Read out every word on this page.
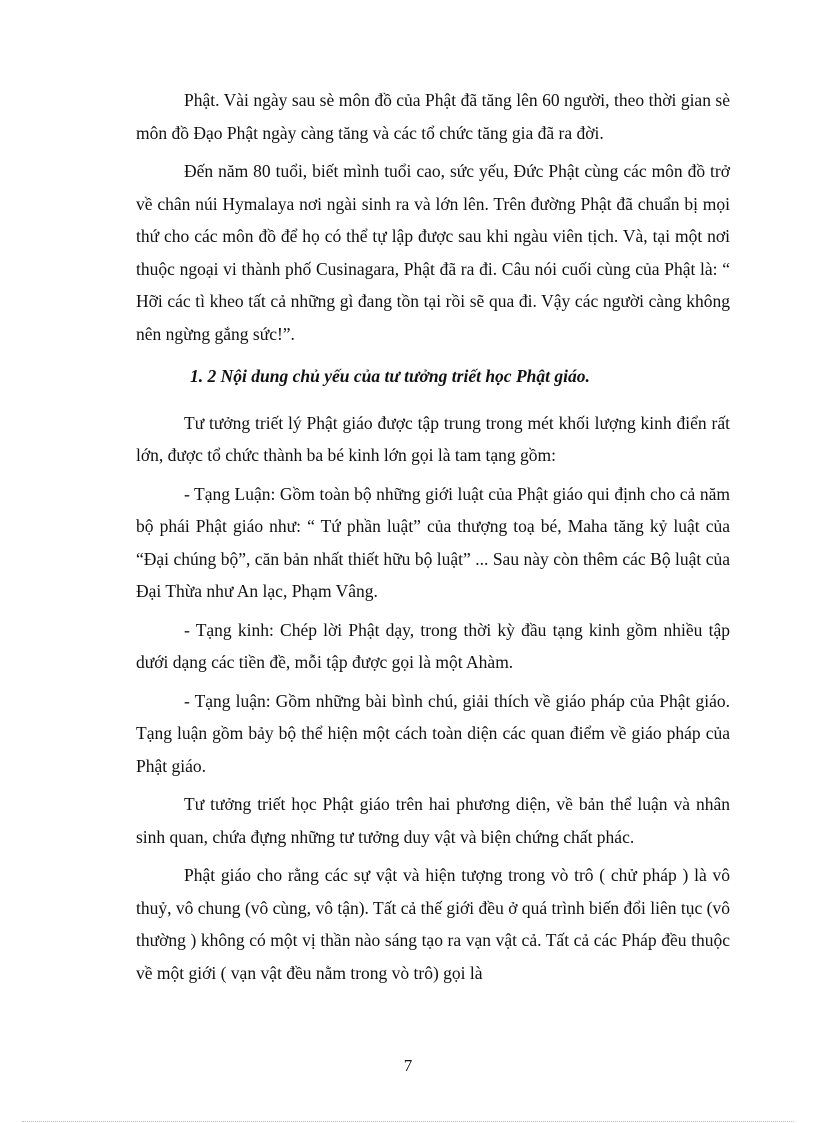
Phật. Vài ngày sau sè môn đồ của Phật đã tăng lên 60 người, theo thời gian sè môn đồ Đạo Phật ngày càng tăng và các tổ chức tăng gia đã ra đời.

Đến năm 80 tuổi, biết mình tuổi cao, sức yếu, Đức Phật cùng các môn đồ trở về chân núi Hymalaya nơi ngài sinh ra và lớn lên. Trên đường Phật đã chuẩn bị mọi thứ cho các môn đồ để họ có thể tự lập được sau khi ngàu viên tịch. Và, tại một nơi thuộc ngoại vi thành phố Cusinagara, Phật đã ra đi. Câu nói cuối cùng của Phật là: “ Hỡi các tì kheo tất cả những gì đang tồn tại rồi sẽ qua đi. Vậy các người càng không nên ngừng gắng sức!”.

1. 2 Nội dung chủ yếu của tư tưởng triết học Phật giáo.

Tư tưởng triết lý Phật giáo được tập trung trong mét khối lượng kinh điển rất lớn, được tổ chức thành ba bé kinh lớn gọi là tam tạng gồm:

- Tạng Luận: Gồm toàn bộ những giới luật của Phật giáo qui định cho cả năm bộ phái Phật giáo như: “ Tứ phần luật” của thượng toạ bé, Maha tăng kỷ luật của “Đại chúng bộ”, căn bản nhất thiết hữu bộ luật” ... Sau này còn thêm các Bộ luật của Đại Thừa như An lạc, Phạm Vâng.

- Tạng kinh: Chép lời Phật dạy, trong thời kỳ đầu tạng kinh gồm nhiều tập dưới dạng các tiền đề, mỗi tập được gọi là một Ahàm.

- Tạng luận: Gồm những bài bình chú, giải thích về giáo pháp của Phật giáo. Tạng luận gồm bảy bộ thể hiện một cách toàn diện các quan điểm về giáo pháp của Phật giáo.

Tư tưởng triết học Phật giáo trên hai phương diện, về bản thể luận và nhân sinh quan, chứa đựng những tư tưởng duy vật và biện chứng chất phác.

Phật giáo cho rằng các sự vật và hiện tượng trong vò trô ( chử pháp ) là vô thuỷ, vô chung (vô cùng, vô tận). Tất cả thế giới đều ở quá trình biến đổi liên tục (vô thường ) không có một vị thần nào sáng tạo ra vạn vật cả. Tất cả các Pháp đều thuộc về một giới ( vạn vật đều nằm trong vò trô) gọi là

7
